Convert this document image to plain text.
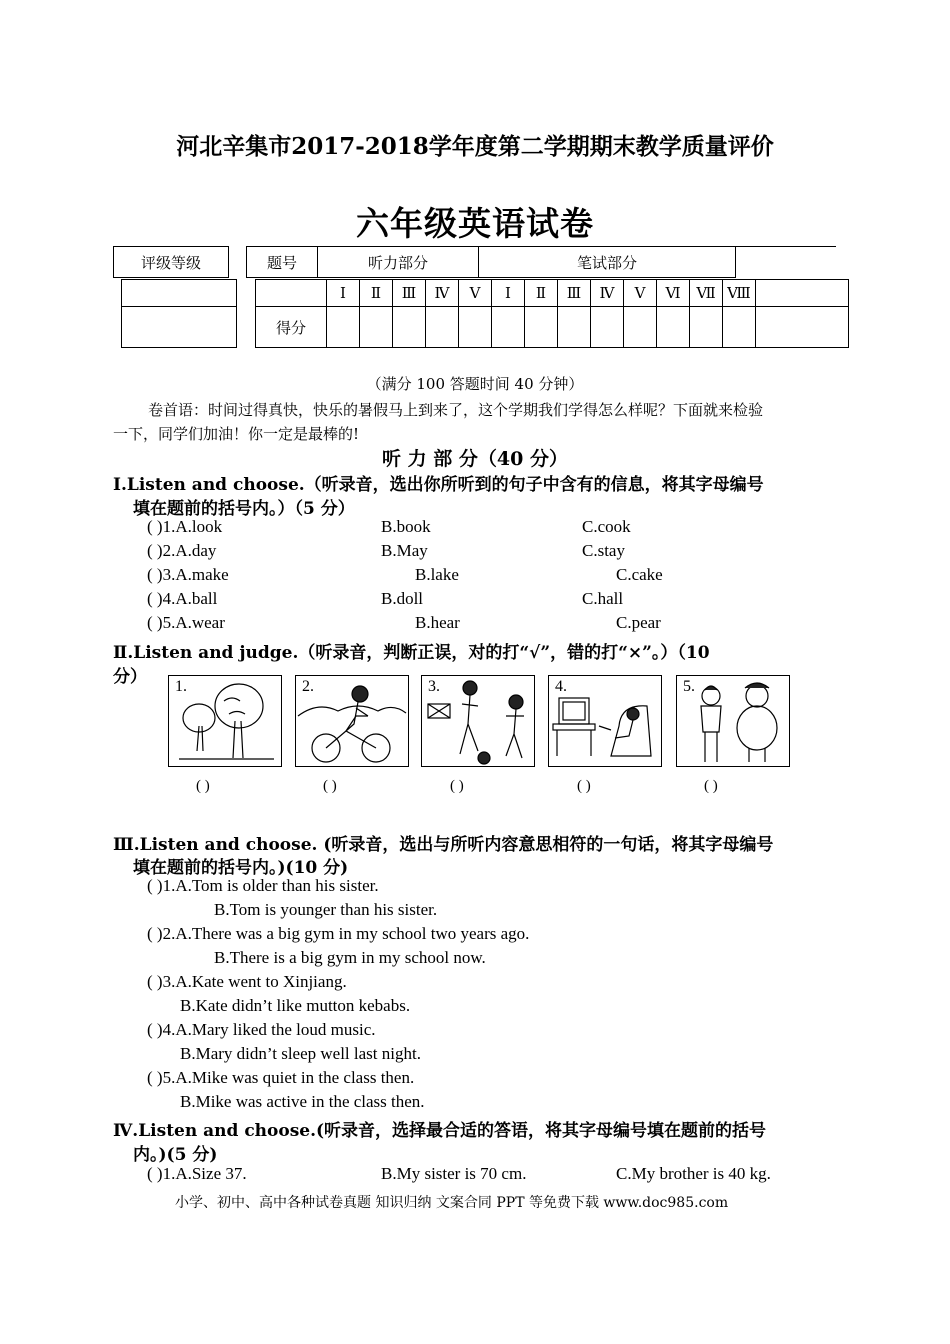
河北辛集市2017-2018学年度第二学期期末教学质量评价
六年级英语试卷
评级等级	题号	听力部分	笔试部分	
	Ⅰ	Ⅱ	Ⅲ	Ⅳ	Ⅴ	Ⅰ	Ⅱ	Ⅲ	Ⅳ	Ⅴ	Ⅵ	Ⅶ	Ⅷ	
得分														
（满分 100 答题时间 40 分钟）
卷首语：时间过得真快，快乐的暑假马上到来了，这个学期我们学得怎么样呢？下面就来检验
一下，同学们加油！你一定是最棒的!
听 力 部 分（40 分）
Ⅰ.Listen and choose.（听录音，选出你所听到的句子中含有的信息，将其字母编号
填在题前的括号内。）（5 分）
( )1.A.look	B.book	C.cook
( )2.A.day	B.May	C.stay
( )3.A.make	B.lake	C.cake
( )4.A.ball	B.doll	C.hall
( )5.A.wear	B.hear	C.pear
Ⅱ.Listen and judge.（听录音，判断正误，对的打“√”，错的打“×”。）（10
分） 1.	2.	3.	4.	5.
( )	( )	( )	( )	( )
Ⅲ.Listen and choose. (听录音，选出与所听内容意思相符的一句话，将其字母编号
填在题前的括号内。)(10 分)
( )1.A.Tom is older than his sister.
B.Tom is younger than his sister.
( )2.A.There was a big gym in my school two years ago.
B.There is a big gym in my school now.
( )3.A.Kate went to Xinjiang.
B.Kate didn’t like mutton kebabs.
( )4.A.Mary liked the loud music.
B.Mary didn’t sleep well last night.
( )5.A.Mike was quiet in the class then.
B.Mike was active in the class then.
Ⅳ.Listen and choose.(听录音，选择最合适的答语，将其字母编号填在题前的括号
内。)(5 分)
( )1.A.Size 37.	B.My sister is 70 cm.	C.My brother is 40 kg.
小学、初中、高中各种试卷真题 知识归纳 文案合同 PPT 等免费下载 www.doc985.com
